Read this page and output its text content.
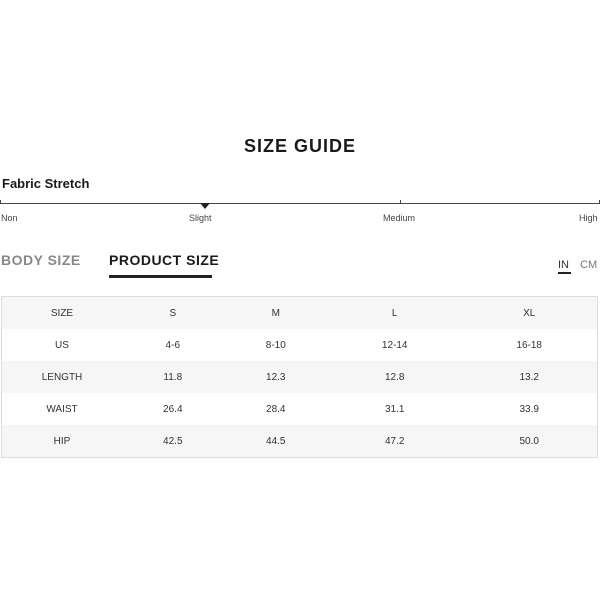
SIZE GUIDE
Fabric Stretch
Non	Slight	Medium	High
BODY SIZE PRODUCT SIZE	IN CM
SIZE	S	M	L	XL
US	4-6	8-10	12-14	16-18
LENGTH	11.8	12.3	12.8	13.2
WAIST	26.4	28.4	31.1	33.9
HIP	42.5	44.5	47.2	50.0
